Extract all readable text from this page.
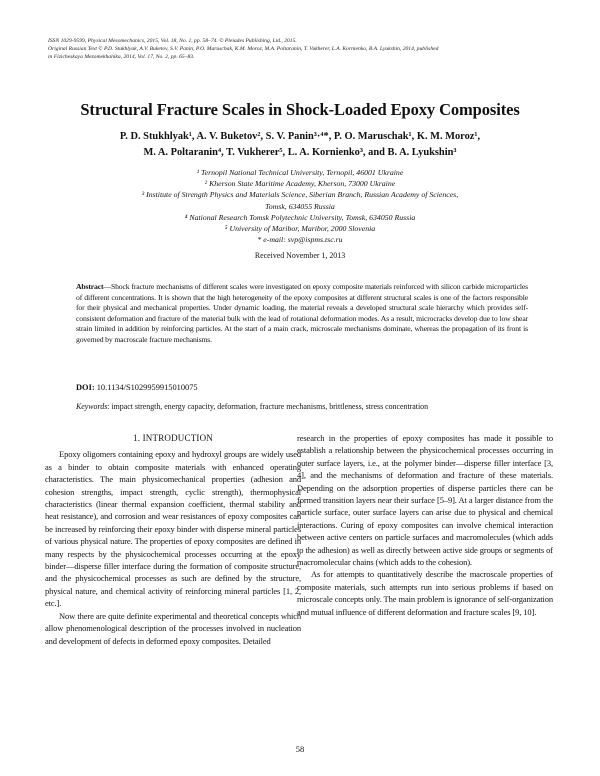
ISSN 1029-9599, Physical Mesomechanics, 2015, Vol. 18, No. 1, pp. 58–74. © Pleiades Publishing, Ltd., 2015.
Original Russian Text © P.D. Stukhlyak, A.V. Buketov, S.V. Panin, P.O. Maruschak, K.M. Moroz, M.A. Poltaranin, T. Vukherer, L.A. Kornienko, B.A. Lyukshin, 2014, published
in Fizicheskaya Mezomekhanika, 2014, Vol. 17, No. 2, pp. 65–83.
Structural Fracture Scales in Shock-Loaded Epoxy Composites
P. D. Stukhlyak¹, A. V. Buketov², S. V. Panin³·⁴*, P. O. Maruschak¹, K. M. Moroz¹,
M. A. Poltaranin⁴, T. Vukherer⁵, L. A. Kornienko³, and B. A. Lyukshin³
¹ Ternopil National Technical University, Ternopil, 46001 Ukraine
² Kherson State Maritime Academy, Kherson, 73000 Ukraine
³ Institute of Strength Physics and Materials Science, Siberian Branch, Russian Academy of Sciences,
Tomsk, 634055 Russia
⁴ National Research Tomsk Polytechnic University, Tomsk, 634050 Russia
⁵ University of Maribor, Maribor, 2000 Slovenia
* e-mail: svp@ispms.tsc.ru
Received November 1, 2013
Abstract—Shock fracture mechanisms of different scales were investigated on epoxy composite materials reinforced with silicon carbide microparticles of different concentrations. It is shown that the high heterogeneity of the epoxy composites at different structural scales is one of the factors responsible for their physical and mechanical properties. Under dynamic loading, the material reveals a developed structural scale hierarchy which provides self-consistent deformation and fracture of the material bulk with the lead of rotational deformation modes. As a result, microcracks develop due to low shear strain limited in addition by reinforcing particles. At the start of a main crack, microscale mechanisms dominate, whereas the propagation of its front is governed by macroscale fracture mechanisms.
DOI: 10.1134/S1029959915010075
Keywords: impact strength, energy capacity, deformation, fracture mechanisms, brittleness, stress concentration
1. INTRODUCTION

Epoxy oligomers containing epoxy and hydroxyl groups are widely used as a binder to obtain composite materials with enhanced operating characteristics. The main physicomechanical properties (adhesion and cohesion strengths, impact strength, cyclic strength), thermophysical characteristics (linear thermal expansion coefficient, thermal stability and heat resistance), and corrosion and wear resistances of epoxy composites can be increased by reinforcing their epoxy binder with disperse mineral particles of various physical nature. The properties of epoxy composites are defined in many respects by the physicochemical processes occurring at the epoxy binder—disperse filler interface during the formation of composite structure, and the physicochemical processes as such are defined by the structure, physical nature, and chemical activity of reinforcing mineral particles [1, 2, etc.].

Now there are quite definite experimental and theoretical concepts which allow phenomenological description of the processes involved in nucleation and development of defects in deformed epoxy composites. Detailed

research in the properties of epoxy composites has made it possible to establish a relationship between the physicochemical processes occurring in outer surface layers, i.e., at the polymer binder—disperse filler interface [3, 4], and the mechanisms of deformation and fracture of these materials. Depending on the adsorption properties of disperse particles there can be formed transition layers near their surface [5–9]. At a larger distance from the particle surface, outer surface layers can arise due to physical and chemical interactions. Curing of epoxy composites can involve chemical interaction between active centers on particle surfaces and macromolecules (which adds to the adhesion) as well as directly between active side groups or segments of macromolecular chains (which adds to the cohesion).

As for attempts to quantitatively describe the macroscale properties of composite materials, such attempts run into serious problems if based on microscale concepts only. The main problem is ignorance of self-organization and mutual influence of different deformation and fracture scales [9, 10].

58
